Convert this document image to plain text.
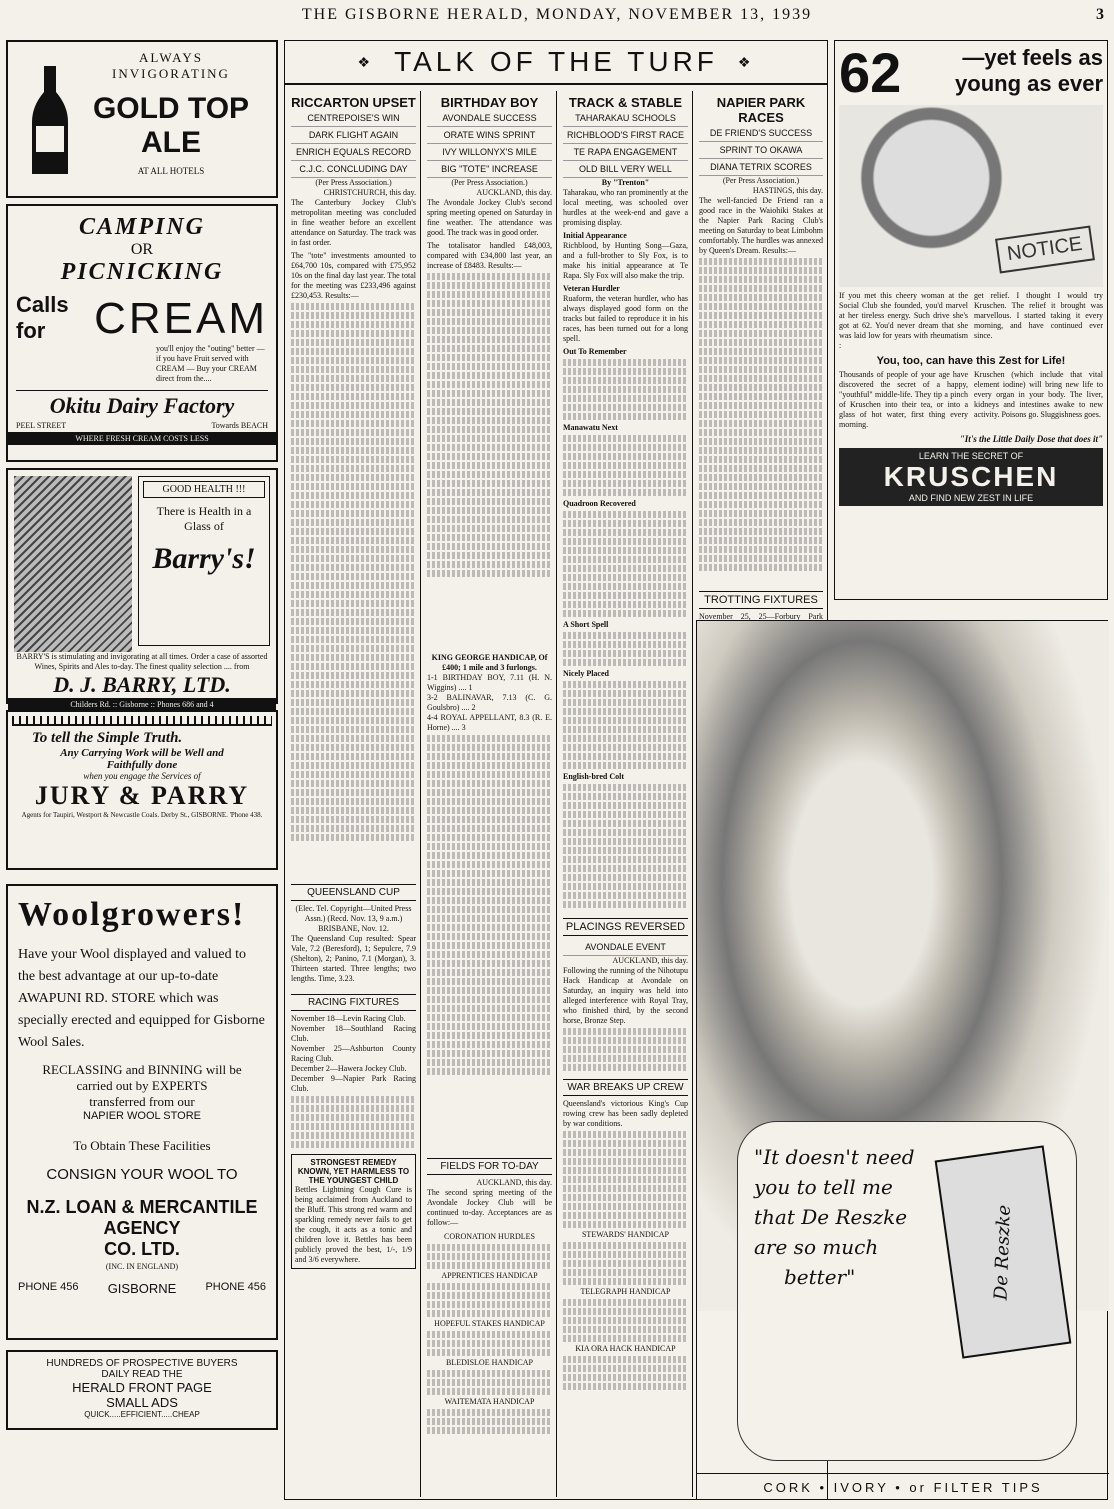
THE GISBORNE HERALD, MONDAY, NOVEMBER 13, 1939	3
ALWAYS
INVIGORATING
GOLD TOP
ALE
AT ALL HOTELS
CAMPING
OR
PICNICKING
Calls for	CREAM
you'll enjoy the "outing" better — if you have Fruit served with CREAM — Buy your CREAM direct from the....
Okitu Dairy Factory
PEEL STREET	Towards BEACH
WHERE FRESH CREAM COSTS LESS
GOOD HEALTH !!!
There is Health in a Glass of
Barry's!
BARRY'S is stimulating and invigorating at all times. Order a case of assorted Wines, Spirits and Ales to-day. The finest quality selection .... from
D. J. BARRY, LTD.
Childers Rd. :: Gisborne :: Phones 686 and 4
To tell the Simple Truth.
Any Carrying Work will be Well and Faithfully done
when you engage the Services of
JURY & PARRY
Agents for Taupiri, Westport & Newcastle Coals. Derby St., GISBORNE. 'Phone 438.
Woolgrowers!
Have your Wool displayed and valued to the best advantage at our up-to-date AWAPUNI RD. STORE which was specially erected and equipped for Gisborne Wool Sales.
RECLASSING and BINNING will be
carried out by EXPERTS
transferred from our
NAPIER WOOL STORE
To Obtain These Facilities
CONSIGN YOUR WOOL TO
N.Z. LOAN & MERCANTILE AGENCY
CO. LTD.
(INC. IN ENGLAND)
PHONE 456 GISBORNE	PHONE 456
HUNDREDS OF PROSPECTIVE BUYERS
DAILY READ THE
HERALD FRONT PAGE
SMALL ADS
QUICK.....EFFICIENT.....CHEAP
❖ TALK OF THE TURF ❖
RICCARTON UPSET
CENTREPOISE'S WIN
DARK FLIGHT AGAIN
ENRICH EQUALS RECORD
C.J.C. CONCLUDING DAY
(Per Press Association.)
CHRISTCHURCH, this day.

The Canterbury Jockey Club's metropolitan meeting was concluded in fine weather before an excellent attendance on Saturday. The track was in fast order.

The "tote" investments amounted to £64,700 10s, compared with £75,952 10s on the final day last year. The total for the meeting was £233,496 against £230,453. Results:—

QUEENSLAND CUP

(Elec. Tel. Copyright—United Press Assn.) (Recd. Nov. 13, 9 a.m.) BRISBANE, Nov. 12.

The Queensland Cup resulted: Spear Vale, 7.2 (Beresford), 1; Sepulcre, 7.9 (Shelton), 2; Panino, 7.1 (Morgan), 3. Thirteen started. Three lengths; two lengths. Time, 3.23.

RACING FIXTURES
November 18—Levin Racing Club.
November 18—Southland Racing Club.
November 25—Ashburton County Racing Club.
December 2—Hawera Jockey Club.
December 9—Napier Park Racing Club.
STRONGEST REMEDY KNOWN, YET HARMLESS TO THE YOUNGEST CHILD

Bettles Lightning Cough Cure is being acclaimed from Auckland to the Bluff. This strong red warm and sparkling remedy never fails to get the cough, it acts as a tonic and children love it. Bettles has been publicly proved the best, 1/-, 1/9 and 3/6 everywhere.

BIRTHDAY BOY
AVONDALE SUCCESS
ORATE WINS SPRINT
IVY WILLONYX'S MILE
BIG "TOTE" INCREASE
(Per Press Association.)
AUCKLAND, this day.

The Avondale Jockey Club's second spring meeting opened on Saturday in fine weather. The attendance was good. The track was in good order.

The totalisator handled £48,003, compared with £34,800 last year, an increase of £8483. Results:—

KING GEORGE HANDICAP, Of £400; 1 mile and 3 furlongs.
1-1 BIRTHDAY BOY, 7.11 (H. N. Wiggins) .... 1
3-2 BALINAVAR, 7.13 (C. G. Goulsbro) .... 2
4-4 ROYAL APPELLANT, 8.3 (R. E. Horne) .... 3
FIELDS FOR TO-DAY
AUCKLAND, this day.

The second spring meeting of the Avondale Jockey Club will be continued to-day. Acceptances are as follow:—

CORONATION HURDLES
APPRENTICES HANDICAP
HOPEFUL STAKES HANDICAP
BLEDISLOE HANDICAP
WAITEMATA HANDICAP
TRACK & STABLE
TAHARAKAU SCHOOLS
RICHBLOOD'S FIRST RACE
TE RAPA ENGAGEMENT
OLD BILL VERY WELL
By "Trenton"

Taharakau, who ran prominently at the local meeting, was schooled over hurdles at the week-end and gave a promising display.

Initial Appearance

Richblood, by Hunting Song—Gaza, and a full-brother to Sly Fox, is to make his initial appearance at Te Rapa. Sly Fox will also make the trip.

Veteran Hurdler

Ruaform, the veteran hurdler, who has always displayed good form on the tracks but failed to reproduce it in his races, has been turned out for a long spell.

Out To Remember
Manawatu Next
Quadroon Recovered
A Short Spell
Nicely Placed
English-bred Colt
PLACINGS REVERSED
AVONDALE EVENT
AUCKLAND, this day.

Following the running of the Nihotupu Hack Handicap at Avondale on Saturday, an inquiry was held into alleged interference with Royal Tray, who finished third, by the second horse, Bronze Step.

WAR BREAKS UP CREW

Queensland's victorious King's Cup rowing crew has been sadly depleted by war conditions.

STEWARDS' HANDICAP
TELEGRAPH HANDICAP
KIA ORA HACK HANDICAP
NAPIER PARK RACES
DE FRIEND'S SUCCESS
SPRINT TO OKAWA
DIANA TETRIX SCORES
(Per Press Association.)
HASTINGS, this day.

The well-fancied De Friend ran a good race in the Waiohiki Stakes at the Napier Park Racing Club's meeting on Saturday to beat Limbohm comfortably. The hurdles was annexed by Queen's Dream. Results:—

TROTTING FIXTURES
November 25, 25—Forbury Park
62	—yet feels as young as ever
NOTICE

If you met this cheery woman at the Social Club she founded, you'd marvel at her tireless energy. Such drive she's got at 62. You'd never dream that she was laid low for years with rheumatism :

get relief. I thought I would try Kruschen. The relief it brought was marvellous. I started taking it every morning, and have continued ever since.

You, too, can have this Zest for Life!

Thousands of people of your age have discovered the secret of a happy, "youthful" middle-life. They tip a pinch of Kruschen into their tea, or into a glass of hot water, first thing every morning.

Kruschen (which include that vital element iodine) will bring new life to every organ in your body. The liver, kidneys and intestines awake to new activity. Poisons go. Sluggishness goes.

"It's the Little Daily Dose that does it"
LEARN THE SECRET OF
KRUSCHEN
AND FIND NEW ZEST IN LIFE
"It doesn't need
you to tell me
that De Reszke
are so much
better"	De Reszke
CORK • IVORY • or FILTER TIPS
